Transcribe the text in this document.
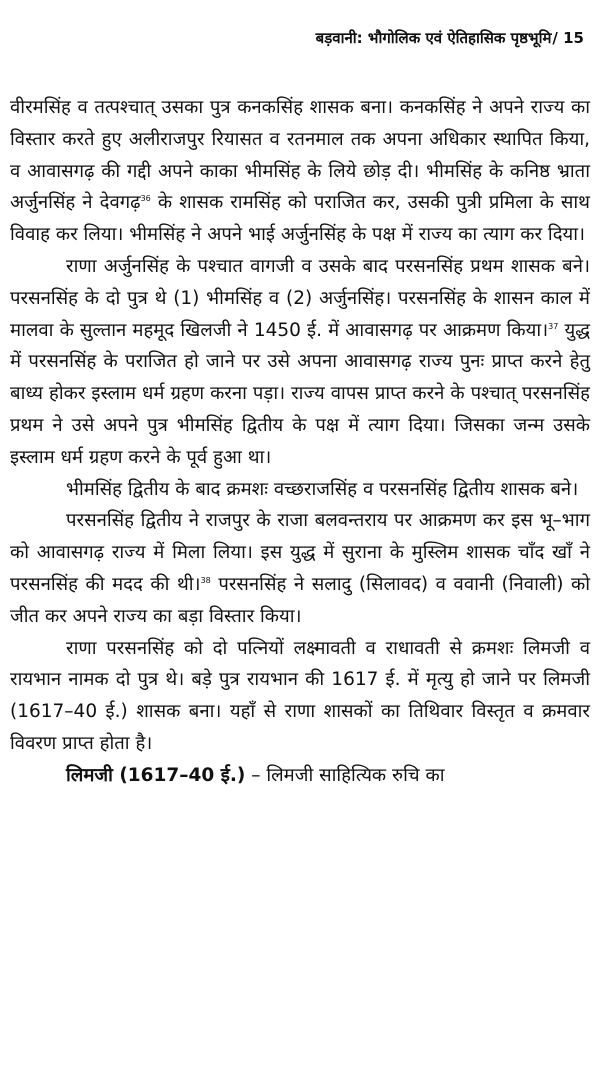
बड़वानी: भौगोलिक एवं ऐतिहासिक पृष्ठभूमि/ 15

वीरमसिंह व तत्पश्चात् उसका पुत्र कनकसिंह शासक बना। कनकसिंह ने अपने राज्य का विस्तार करते हुए अलीराजपुर रियासत व रतनमाल तक अपना अधिकार स्थापित किया, व आवासगढ़ की गद्दी अपने काका भीमसिंह के लिये छोड़ दी। भीमसिंह के कनिष्ठ भ्राता अर्जुनसिंह ने देवगढ़$^{36}$ के शासक रामसिंह को पराजित कर, उसकी पुत्री प्रमिला के साथ विवाह कर लिया। भीमसिंह ने अपने भाई अर्जुनसिंह के पक्ष में राज्य का त्याग कर दिया।

राणा अर्जुनसिंह के पश्चात वागजी व उसके बाद परसनसिंह प्रथम शासक बने। परसनसिंह के दो पुत्र थे (1) भीमसिंह व (2) अर्जुनसिंह। परसनसिंह के शासन काल में मालवा के सुल्तान महमूद खिलजी ने 1450 ई. में आवासगढ़ पर आक्रमण किया।$^{37}$ युद्ध में परसनसिंह के पराजित हो जाने पर उसे अपना आवासगढ़ राज्य पुनः प्राप्त करने हेतु बाध्य होकर इस्लाम धर्म ग्रहण करना पड़ा। राज्य वापस प्राप्त करने के पश्चात् परसनसिंह प्रथम ने उसे अपने पुत्र भीमसिंह द्वितीय के पक्ष में त्याग दिया। जिसका जन्म उसके इस्लाम धर्म ग्रहण करने के पूर्व हुआ था।

भीमसिंह द्वितीय के बाद क्रमशः वच्छराजसिंह व परसनसिंह द्वितीय शासक बने।

परसनसिंह द्वितीय ने राजपुर के राजा बलवन्तराय पर आक्रमण कर इस भू–भाग को आवासगढ़ राज्य में मिला लिया। इस युद्ध में सुराना के मुस्लिम शासक चाँद खाँ ने परसनसिंह की मदद की थी।$^{38}$ परसनसिंह ने सलादु (सिलावद) व ववानी (निवाली) को जीत कर अपने राज्य का बड़ा विस्तार किया।

राणा परसनसिंह को दो पत्नियों लक्ष्मावती व राधावती से क्रमशः लिमजी व रायभान नामक दो पुत्र थे। बड़े पुत्र रायभान की 1617 ई. में मृत्यु हो जाने पर लिमजी (1617–40 ई.) शासक बना। यहाँ से राणा शासकों का तिथिवार विस्तृत व क्रमवार विवरण प्राप्त होता है।

लिमजी (1617–40 ई.) – लिमजी साहित्यिक रुचि का
